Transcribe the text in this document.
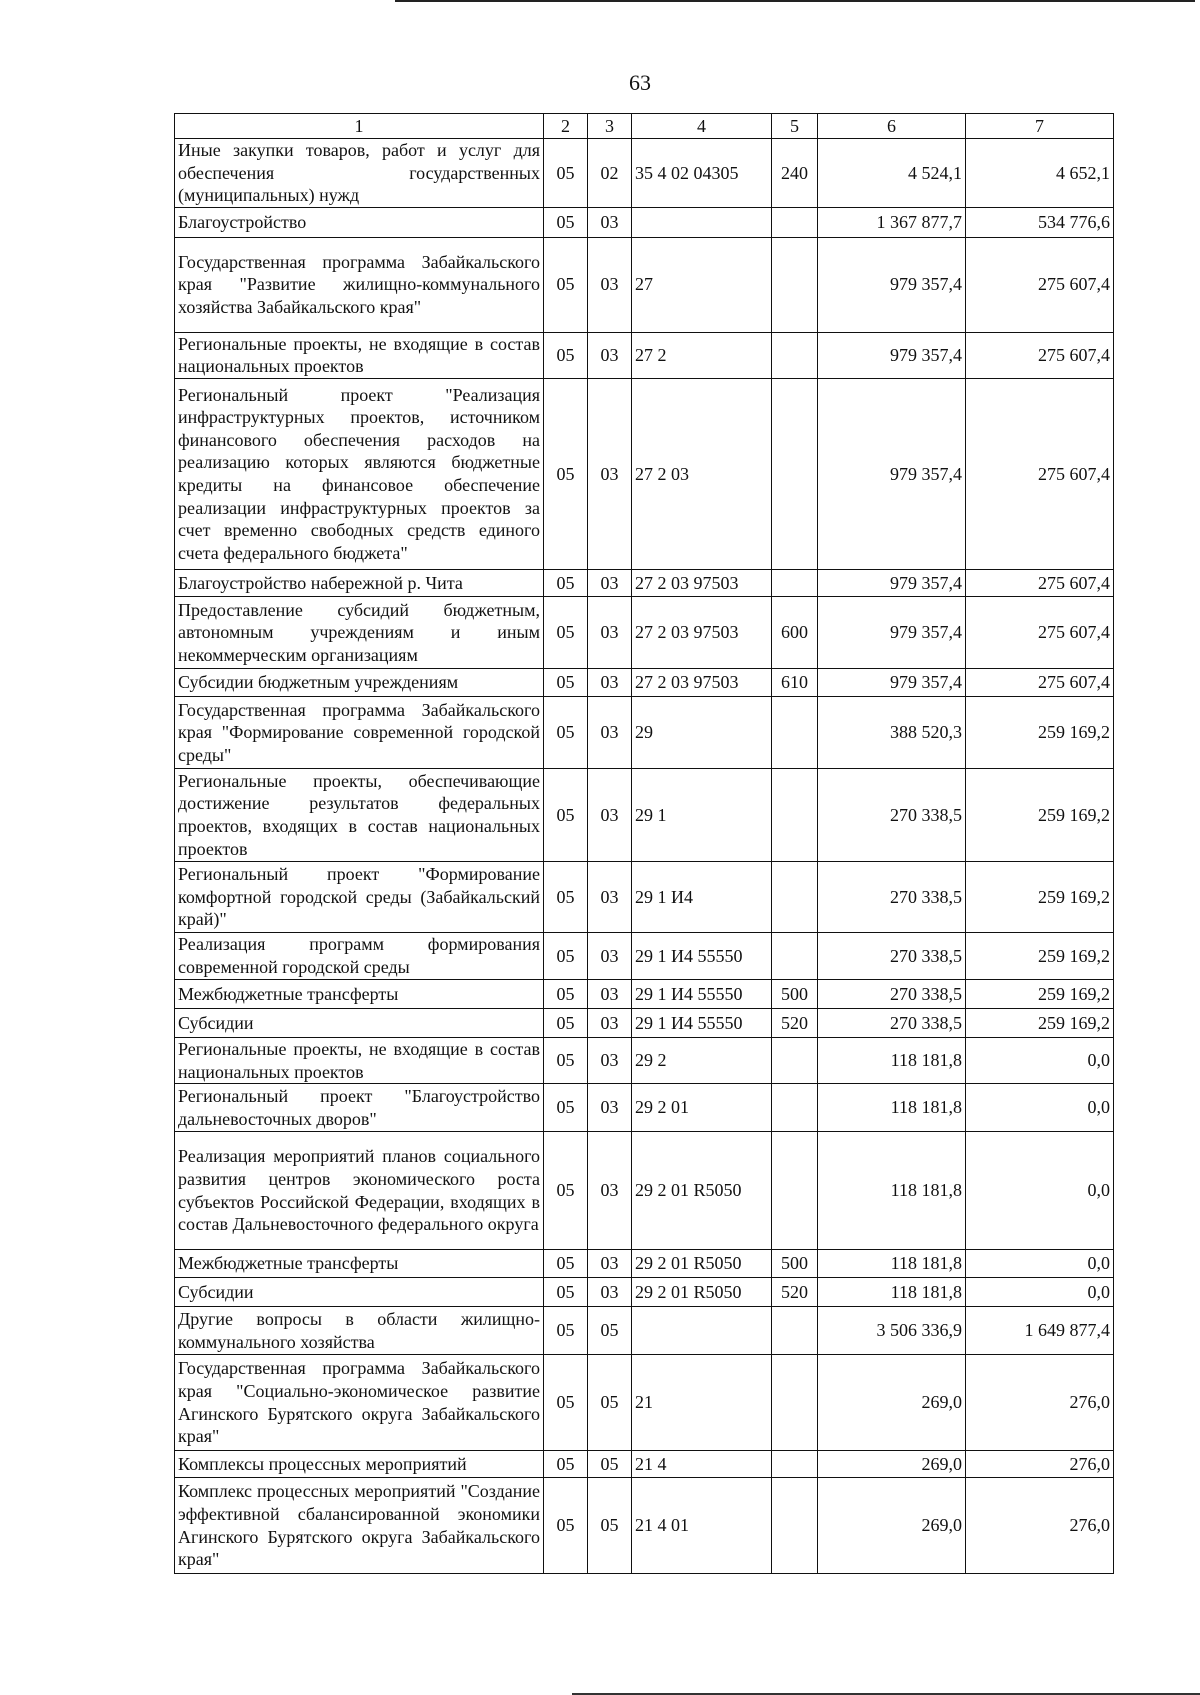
63
1	2	3	4	5	6	7
Иные закупки товаров, работ и услуг для обеспечения государственных (муниципальных) нужд	05	02	35 4 02 04305	240	4 524,1	4 652,1
Благоустройство	05	03			1 367 877,7	534 776,6
Государственная программа Забайкальского края "Развитие жилищно-коммунального хозяйства Забайкальского края"	05	03	27		979 357,4	275 607,4
Региональные проекты, не входящие в состав национальных проектов	05	03	27 2		979 357,4	275 607,4
Региональный проект "Реализация инфраструктурных проектов, источником финансового обеспечения расходов на реализацию которых являются бюджетные кредиты на финансовое обеспечение реализации инфраструктурных проектов за счет временно свободных средств единого счета федерального бюджета"	05	03	27 2 03		979 357,4	275 607,4
Благоустройство набережной р. Чита	05	03	27 2 03 97503		979 357,4	275 607,4
Предоставление субсидий бюджетным, автономным учреждениям и иным некоммерческим организациям	05	03	27 2 03 97503	600	979 357,4	275 607,4
Субсидии бюджетным учреждениям	05	03	27 2 03 97503	610	979 357,4	275 607,4
Государственная программа Забайкальского края "Формирование современной городской среды"	05	03	29		388 520,3	259 169,2
Региональные проекты, обеспечивающие достижение результатов федеральных проектов, входящих в состав национальных проектов	05	03	29 1		270 338,5	259 169,2
Региональный проект "Формирование комфортной городской среды (Забайкальский край)"	05	03	29 1 И4		270 338,5	259 169,2
Реализация программ формирования современной городской среды	05	03	29 1 И4 55550		270 338,5	259 169,2
Межбюджетные трансферты	05	03	29 1 И4 55550	500	270 338,5	259 169,2
Субсидии	05	03	29 1 И4 55550	520	270 338,5	259 169,2
Региональные проекты, не входящие в состав национальных проектов	05	03	29 2		118 181,8	0,0
Региональный проект "Благоустройство дальневосточных дворов"	05	03	29 2 01		118 181,8	0,0
Реализация мероприятий планов социального развития центров экономического роста субъектов Российской Федерации, входящих в состав Дальневосточного федерального округа	05	03	29 2 01 R5050		118 181,8	0,0
Межбюджетные трансферты	05	03	29 2 01 R5050	500	118 181,8	0,0
Субсидии	05	03	29 2 01 R5050	520	118 181,8	0,0
Другие вопросы в области жилищно-коммунального хозяйства	05	05			3 506 336,9	1 649 877,4
Государственная программа Забайкальского края "Социально-экономическое развитие Агинского Бурятского округа Забайкальского края"	05	05	21		269,0	276,0
Комплексы процессных мероприятий	05	05	21 4		269,0	276,0
Комплекс процессных мероприятий "Создание эффективной сбалансированной экономики Агинского Бурятского округа Забайкальского края"	05	05	21 4 01		269,0	276,0
